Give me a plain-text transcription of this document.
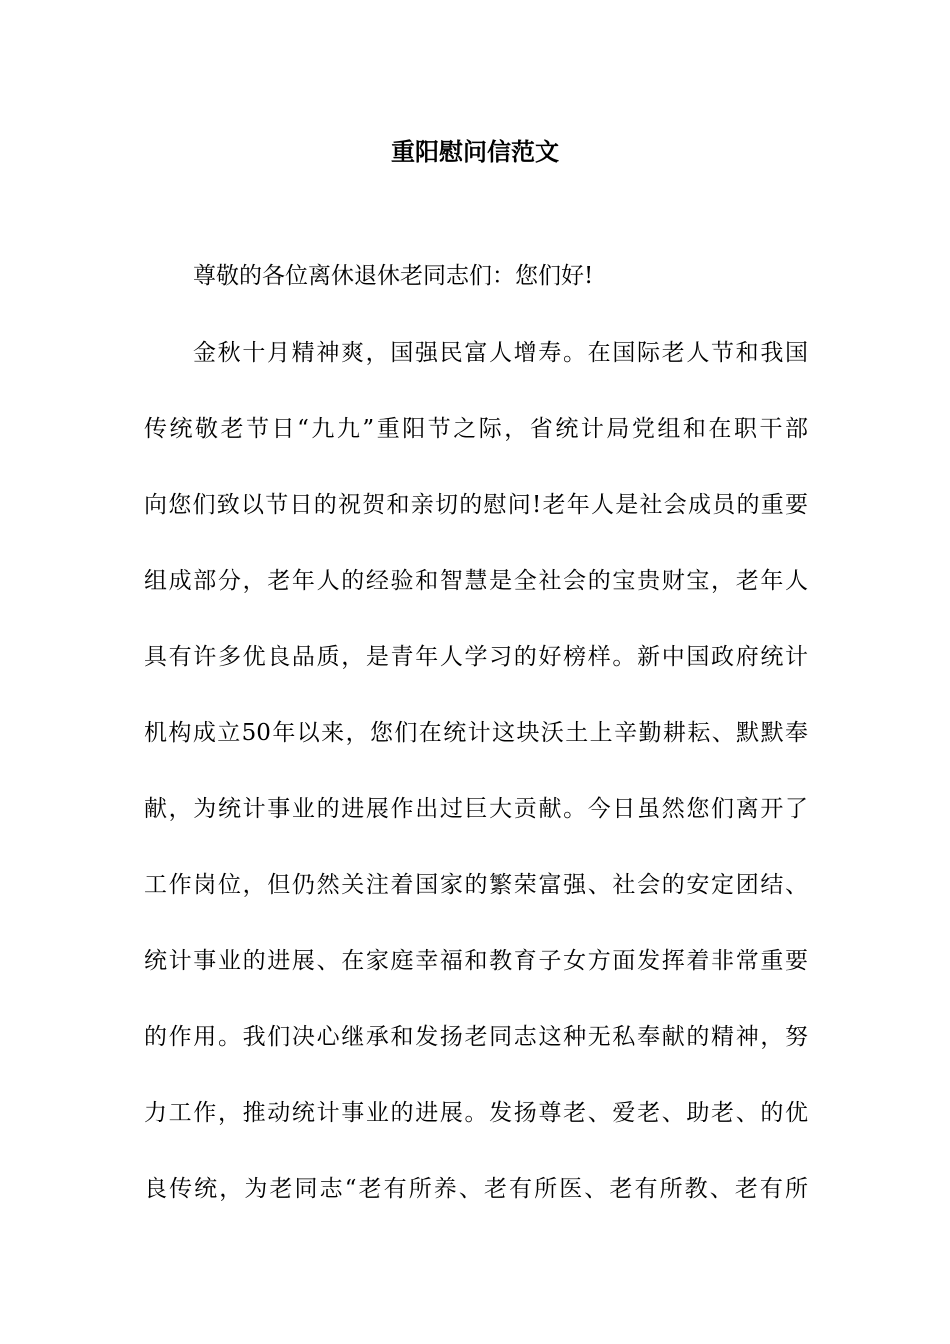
重阳慰问信范文

尊敬的各位离休退休老同志们：您们好!

金秋十月精神爽，国强民富人增寿。在国际老人节和我国
传统敬老节日“九九”重阳节之际，省统计局党组和在职干部
向您们致以节日的祝贺和亲切的慰问!老年人是社会成员的重要
组成部分，老年人的经验和智慧是全社会的宝贵财宝，老年人
具有许多优良品质，是青年人学习的好榜样。新中国政府统计
机构成立50年以来，您们在统计这块沃土上辛勤耕耘、默默奉
献，为统计事业的进展作出过巨大贡献。今日虽然您们离开了
工作岗位，但仍然关注着国家的繁荣富强、社会的安定团结、
统计事业的进展、在家庭幸福和教育子女方面发挥着非常重要
的作用。我们决心继承和发扬老同志这种无私奉献的精神，努
力工作，推动统计事业的进展。发扬尊老、爱老、助老、的优
良传统，为老同志“老有所养、老有所医、老有所教、老有所
